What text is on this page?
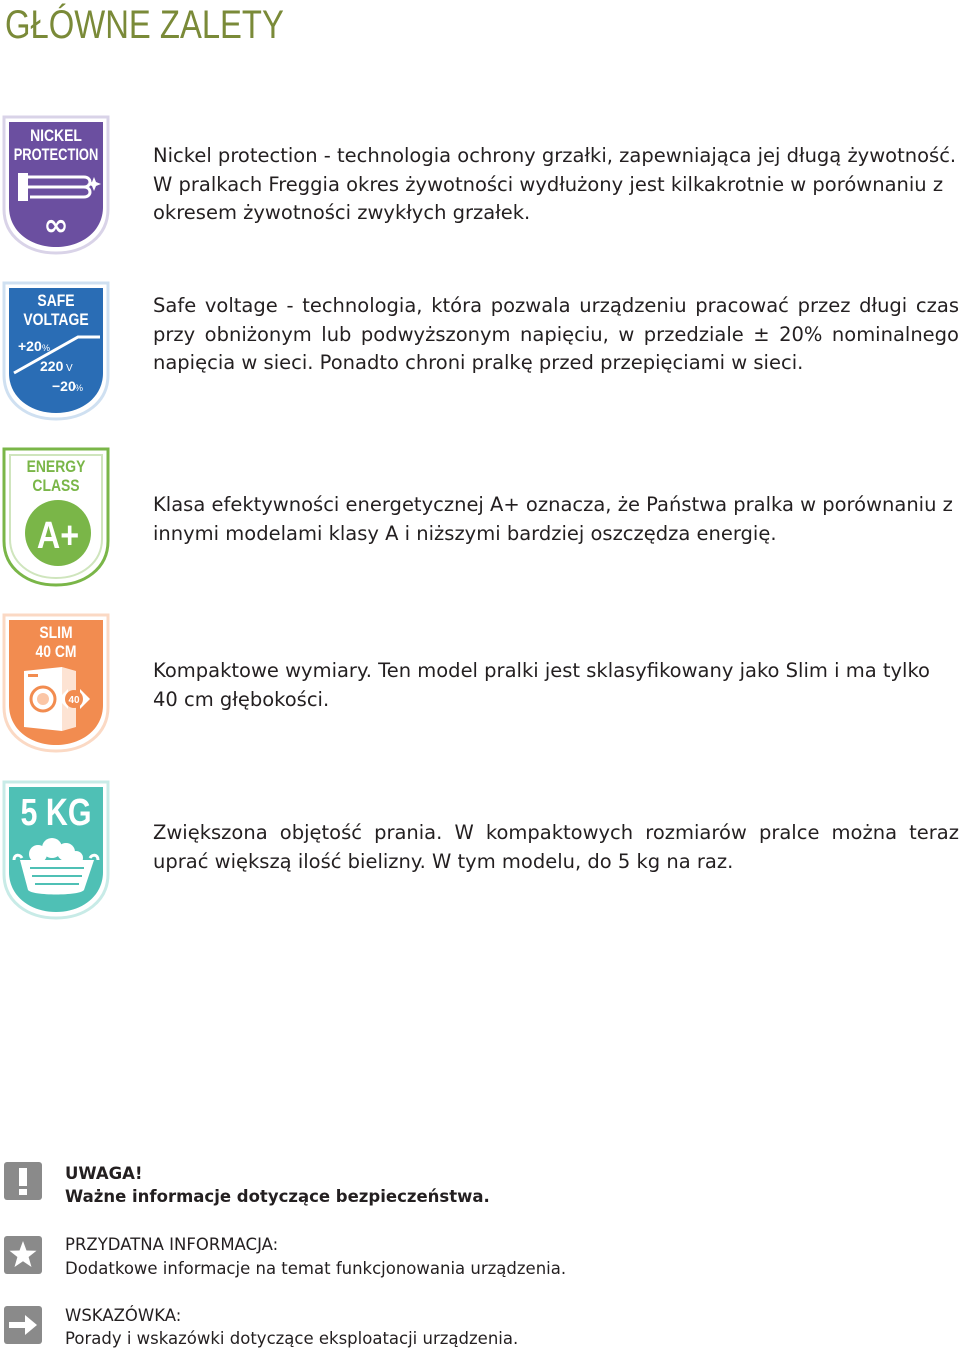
GŁÓWNE ZALETY
NICKEL
PROTECTION
∞

Nickel protection - technologia ochrony grzałki, zapewniająca jej długą żywotność. W pralkach Freggia okres żywotności wydłużony jest kilkakrotnie w porównaniu z okresem żywotności zwykłych grzałek.

SAFE
VOLTAGE
+20 %
220 V
−20 %

Safe voltage - technologia, która pozwala urządzeniu pracować przez długi czas przy obniżonym lub podwyższonym napięciu, w przedziale ± 20% nominalnego napięcia w sieci. Ponadto chroni pralkę przed przepięciami w sieci.

ENERGY
CLASS
A+

Klasa efektywności energetycznej A+ oznacza, że Państwa pralka w porównaniu z innymi modelami klasy A i niższymi bardziej oszczędza energię.

SLIM
40 CM
40

Kompaktowe wymiary. Ten model pralki jest sklasyfikowany jako Slim i ma tylko 40 cm głębokości.

5 KG	Zwiększona objętość prania. W kompaktowych rozmiarów pralce można teraz uprać większą ilość bielizny. W tym modelu, do 5 kg na raz.

UWAGA!

Ważne informacje dotyczące bezpieczeństwa.

PRZYDATNA INFORMACJA:

Dodatkowe informacje na temat funkcjonowania urządzenia.

WSKAZÓWKA:

Porady i wskazówki dotyczące eksploatacji urządzenia.
